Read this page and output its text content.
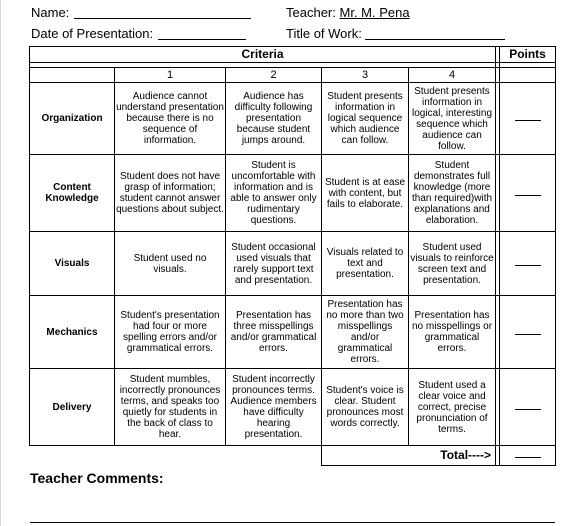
Name:	Teacher: Mr. M. Pena
Date of Presentation:	Title of Work:
Criteria						Points

	1	2	3	4		
Organization	Audience cannot understand presentation because there is no sequence of information.	Audience has difficulty following presentation because student jumps around.	Student presents information in logical sequence which audience can follow.	Student presents information in logical, interesting sequence which audience can follow.		
Content Knowledge	Student does not have grasp of information; student cannot answer questions about subject.	Student is uncomfortable with information and is able to answer only rudimentary questions.	Student is at ease with content, but fails to elaborate.	Student demonstrates full knowledge (more than required)with explanations and elaboration.		
Visuals	Student used no visuals.	Student occasional used visuals that rarely support text and presentation.	Visuals related to text and presentation.	Student used visuals to reinforce screen text and presentation.		
Mechanics	Student's presentation had four or more spelling errors and/or grammatical errors.	Presentation has three misspellings and/or grammatical errors.	Presentation has no more than two misspellings and/or grammatical errors.	Presentation has no misspellings or grammatical errors.		
Delivery	Student mumbles, incorrectly pronounces terms, and speaks too quietly for students in the back of class to hear.	Student incorrectly pronounces terms. Audience members have difficulty hearing presentation.	Student's voice is clear. Student pronounces most words correctly.	Student used a clear voice and correct, precise pronunciation of terms.		
			Total---->			
Teacher Comments:
